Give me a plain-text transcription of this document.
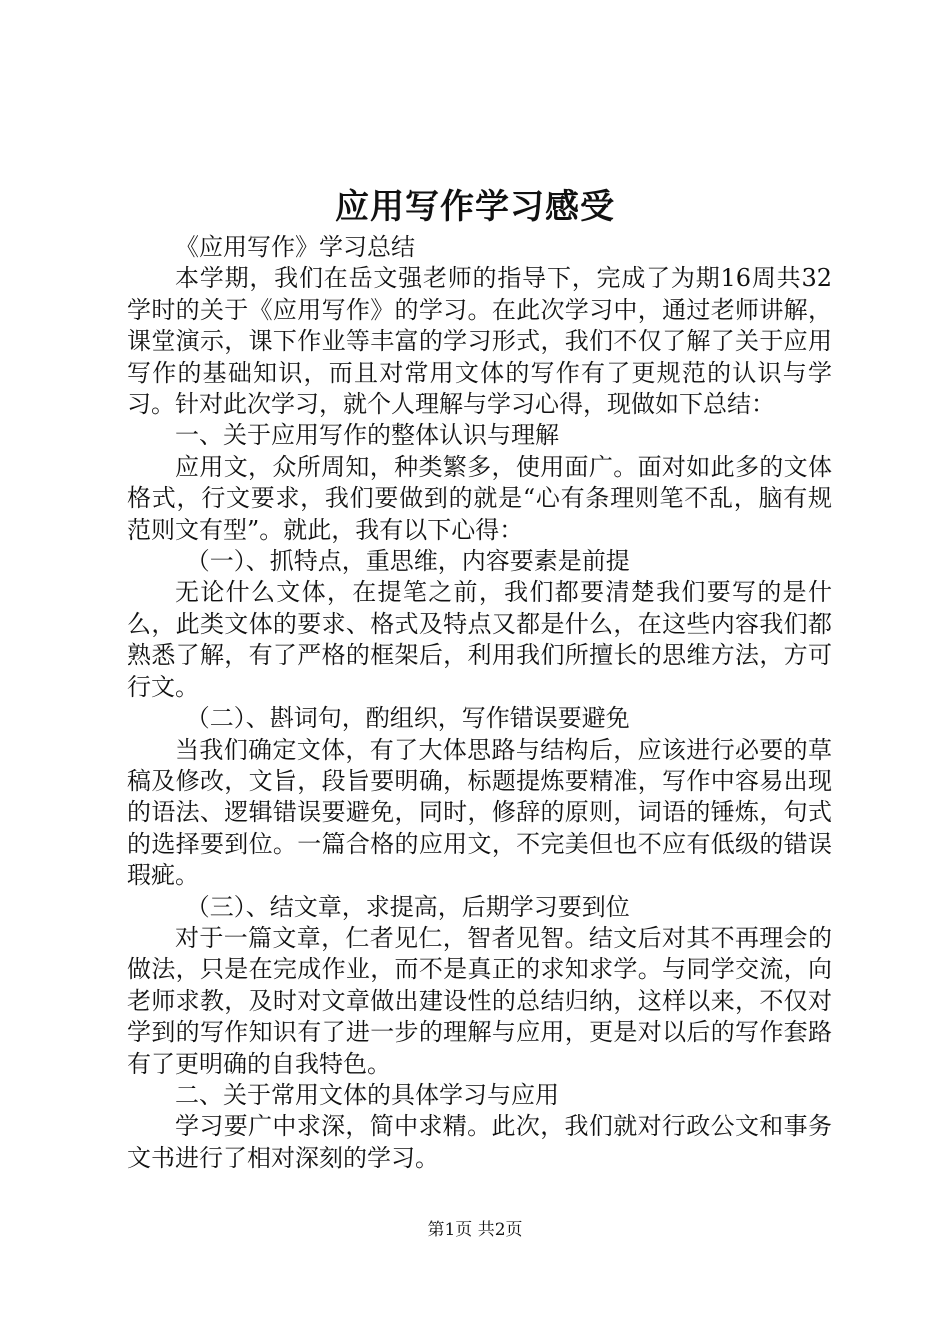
应用写作学习感受

《应用写作》学习总结

本学期，我们在岳文强老师的指导下，完成了为期16周共32学时的关于《应用写作》的学习。在此次学习中，通过老师讲解，课堂演示，课下作业等丰富的学习形式，我们不仅了解了关于应用写作的基础知识，而且对常用文体的写作有了更规范的认识与学习。针对此次学习，就个人理解与学习心得，现做如下总结：

一、关于应用写作的整体认识与理解

应用文，众所周知，种类繁多，使用面广。面对如此多的文体格式，行文要求，我们要做到的就是“心有条理则笔不乱，脑有规范则文有型”。就此，我有以下心得：

（一）、抓特点，重思维，内容要素是前提

无论什么文体，在提笔之前，我们都要清楚我们要写的是什么，此类文体的要求、格式及特点又都是什么，在这些内容我们都熟悉了解，有了严格的框架后，利用我们所擅长的思维方法，方可行文。

（二）、斟词句，酌组织，写作错误要避免

当我们确定文体，有了大体思路与结构后，应该进行必要的草稿及修改，文旨，段旨要明确，标题提炼要精准，写作中容易出现的语法、逻辑错误要避免，同时，修辞的原则，词语的锤炼，句式的选择要到位。一篇合格的应用文，不完美但也不应有低级的错误瑕疵。

（三）、结文章，求提高，后期学习要到位

对于一篇文章，仁者见仁，智者见智。结文后对其不再理会的做法，只是在完成作业，而不是真正的求知求学。与同学交流，向老师求教，及时对文章做出建设性的总结归纳，这样以来，不仅对学到的写作知识有了进一步的理解与应用，更是对以后的写作套路有了更明确的自我特色。

二、关于常用文体的具体学习与应用

学习要广中求深，简中求精。此次，我们就对行政公文和事务文书进行了相对深刻的学习。

第1页 共2页
